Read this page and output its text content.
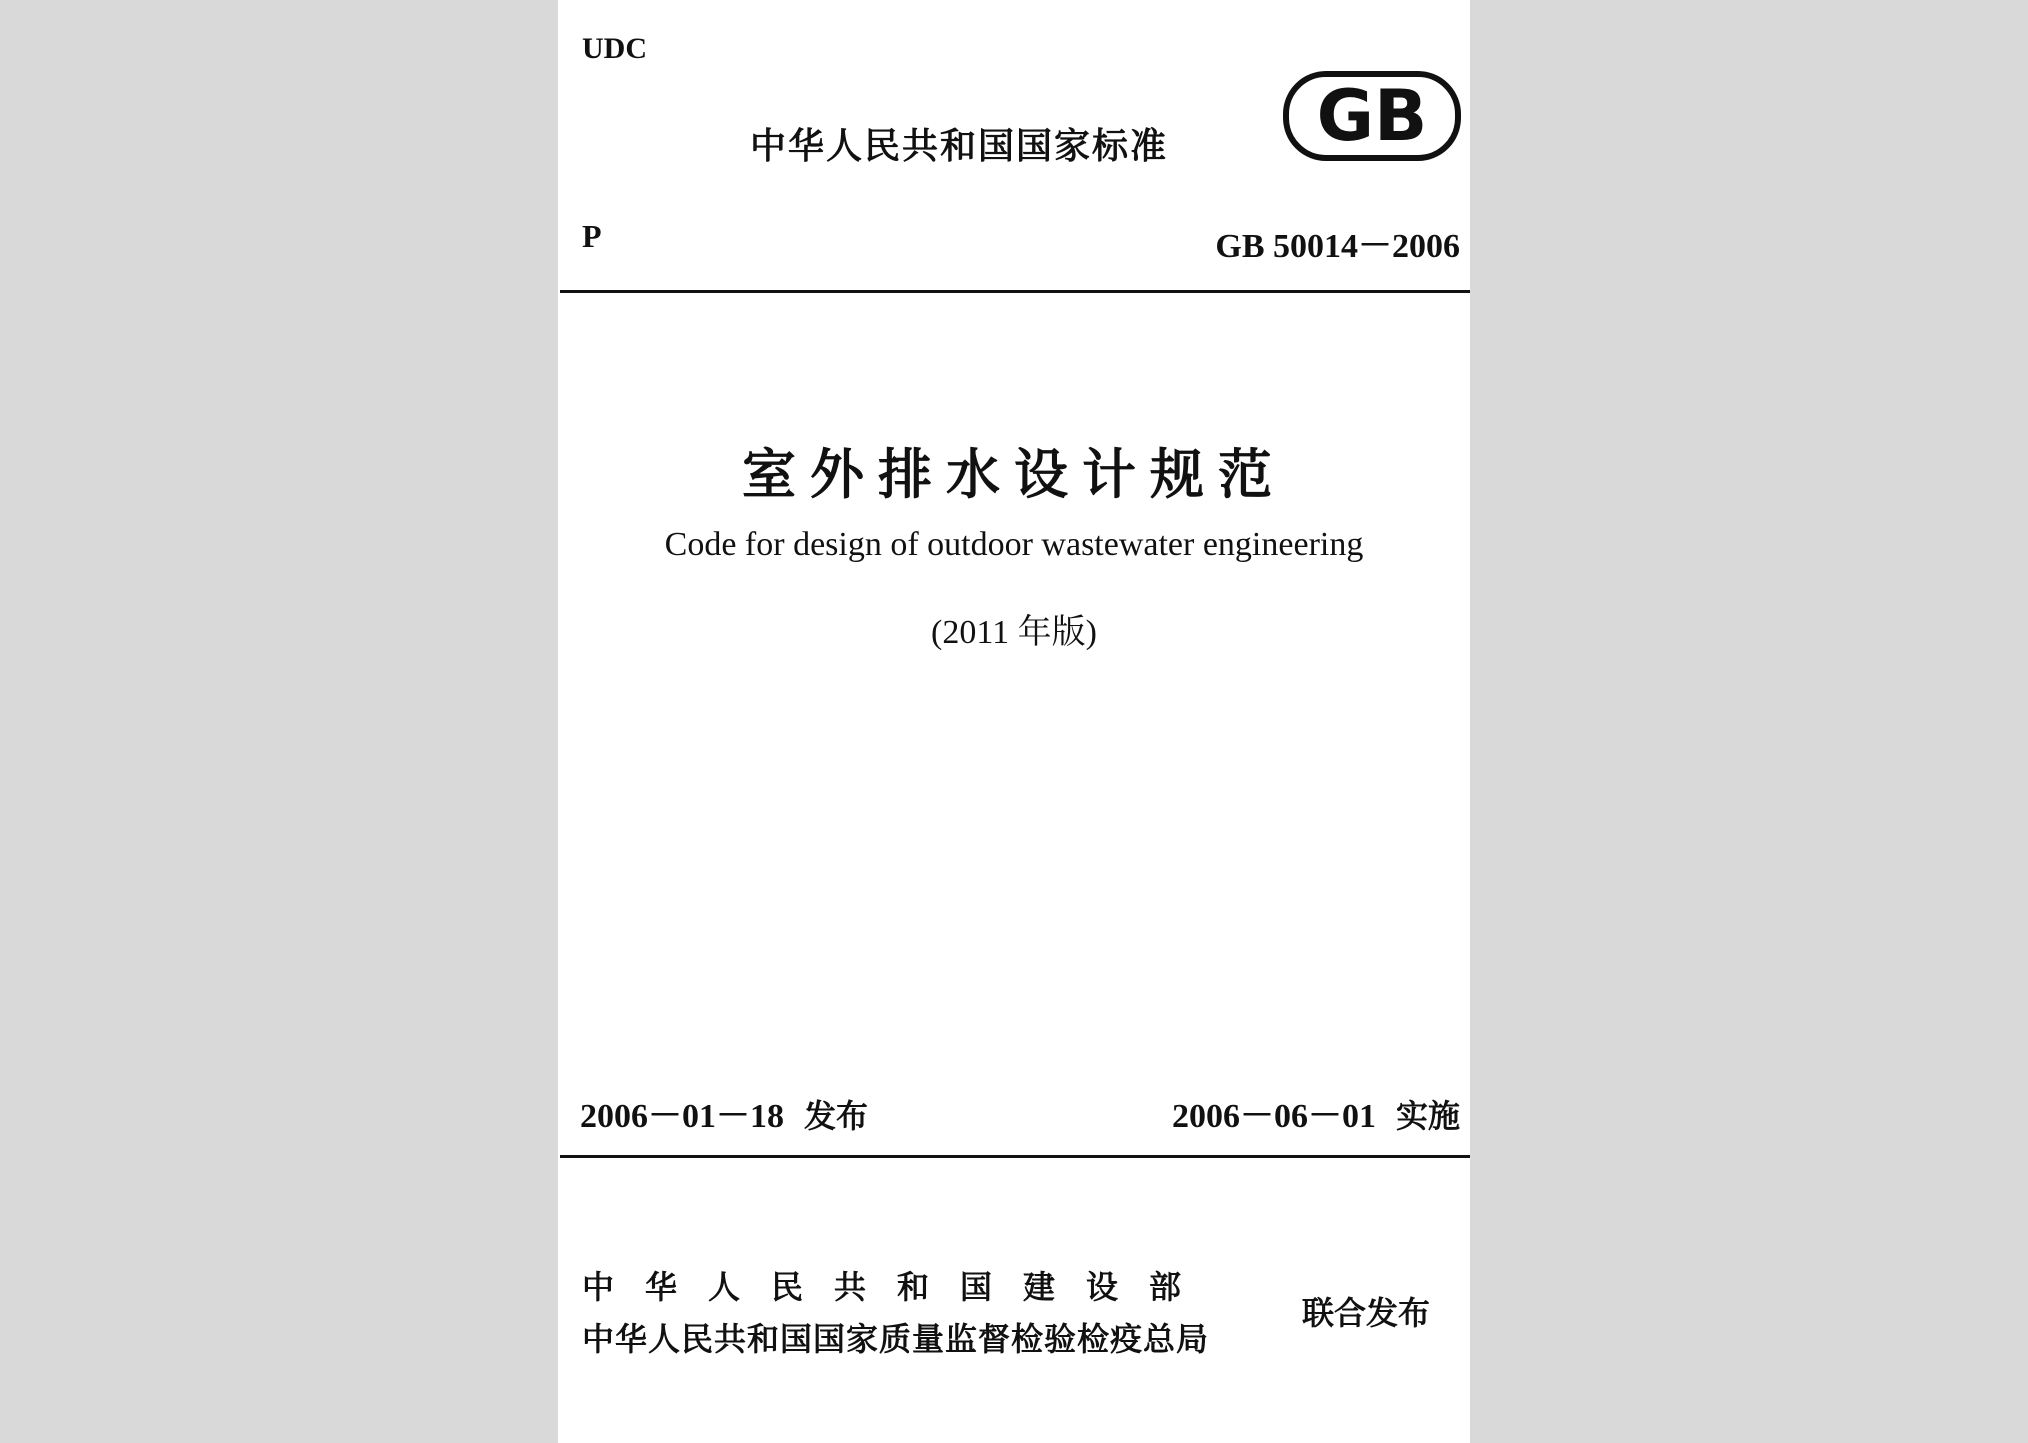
UDC
中华人民共和国国家标准 GB
P	GB 50014－2006
室外排水设计规范
Code for design of outdoor wastewater engineering
(2011 年版)
2006－01－18 发布	2006－06－01 实施
中华人民共和国建设部
中华人民共和国国家质量监督检验检疫总局
联合发布
